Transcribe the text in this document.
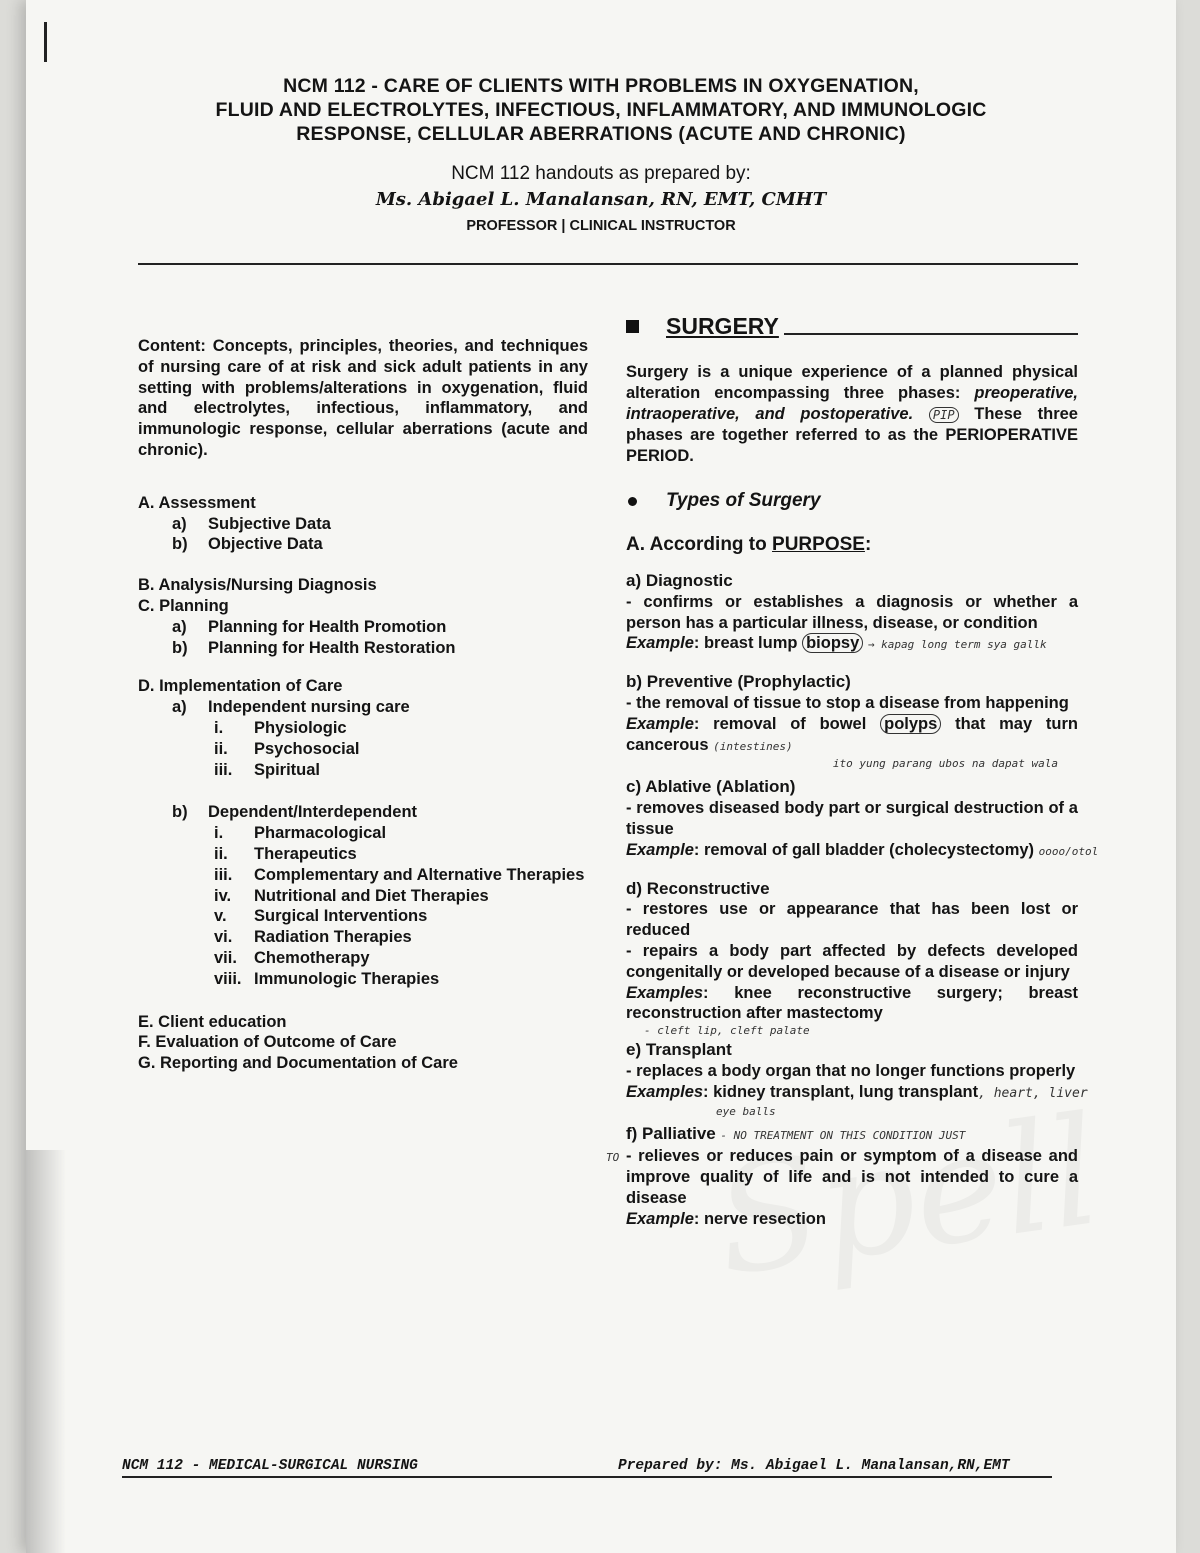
NCM 112 - CARE OF CLIENTS WITH PROBLEMS IN OXYGENATION,
FLUID AND ELECTROLYTES, INFECTIOUS, INFLAMMATORY, AND IMMUNOLOGIC
RESPONSE, CELLULAR ABERRATIONS (ACUTE AND CHRONIC)
NCM 112 handouts as prepared by:
Ms. Abigael L. Manalansan, RN, EMT, CMHT
PROFESSOR | CLINICAL INSTRUCTOR

Content: Concepts, principles, theories, and techniques of nursing care of at risk and sick adult patients in any setting with problems/alterations in oxygenation, fluid and electrolytes, infectious, inflammatory, and immunologic response, cellular aberrations (acute and chronic).

A. Assessment
a) Subjective Data
b) Objective Data
B. Analysis/Nursing Diagnosis
C. Planning
a) Planning for Health Promotion
b) Planning for Health Restoration
D. Implementation of Care
a) Independent nursing care
i. Physiologic
ii. Psychosocial
iii. Spiritual
b) Dependent/Interdependent
i. Pharmacological
ii. Therapeutics
iii.	Complementary and Alternative Therapies
iv. Nutritional and Diet Therapies
v. Surgical Interventions
vi. Radiation Therapies
vii. Chemotherapy
viii. Immunologic Therapies
E. Client education
F. Evaluation of Outcome of Care
G. Reporting and Documentation of Care
SURGERY

Surgery is a unique experience of a planned physical alteration encompassing three phases: preoperative, intraoperative, and postoperative. PIP These three phases are together referred to as the PERIOPERATIVE PERIOD.

Types of Surgery
A. According to PURPOSE:
a) Diagnostic
- confirms or establishes a diagnosis or whether a person has a particular illness, disease, or condition
Example: breast lump biopsy → kapag long term sya gallk
b) Preventive (Prophylactic)
- the removal of tissue to stop a disease from happening
Example: removal of bowel polyps that may turn cancerous (intestines)
ito yung parang ubos na dapat wala
c) Ablative (Ablation)
- removes diseased body part or surgical destruction of a tissue
Example: removal of gall bladder (cholecystectomy) oooo/otol
d) Reconstructive
- restores use or appearance that has been lost or reduced
- repairs a body part affected by defects developed congenitally or developed because of a disease or injury
Examples: knee reconstructive surgery; breast reconstruction after mastectomy
- cleft lip, cleft palate
e) Transplant
- replaces a body organ that no longer functions properly
Examples: kidney transplant, lung transplant, heart, liver
eye balls
f) Palliative - NO TREATMENT ON THIS CONDITION JUST
TO - relieves or reduces pain or symptom of a disease and improve quality of life and is not intended to cure a disease
Example: nerve resection
NCM 112 - MEDICAL-SURGICAL NURSING	Prepared by: Ms. Abigael L. Manalansan,RN,EMT
